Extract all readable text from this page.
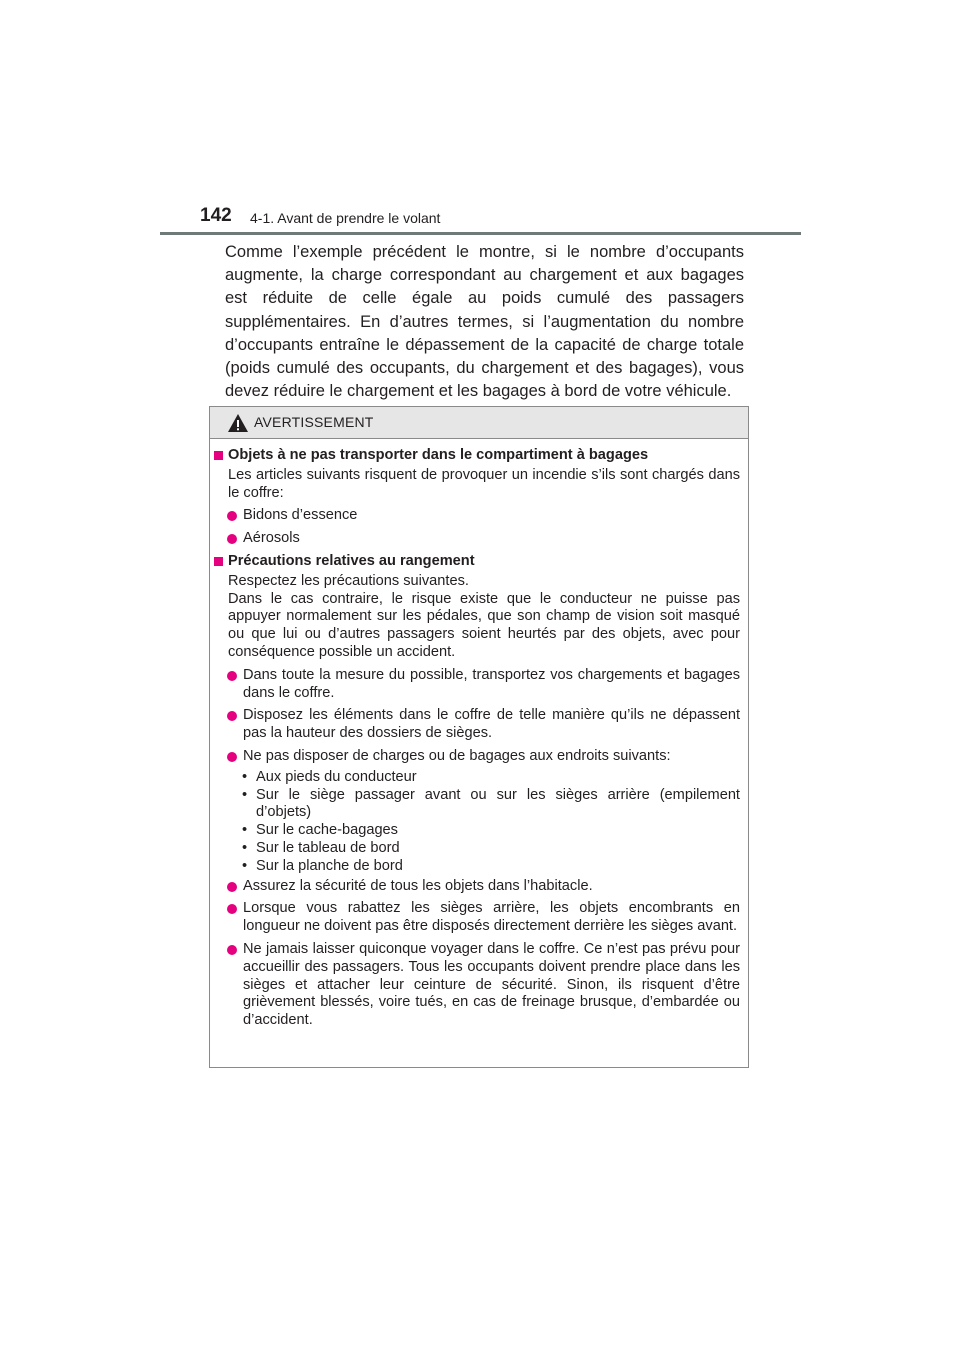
142 4-1. Avant de prendre le volant

Comme l’exemple précédent le montre, si le nombre d’occupants augmente, la charge correspondant au chargement et aux bagages est réduite de celle égale au poids cumulé des passagers supplémentaires. En d’autres termes, si l’augmentation du nombre d’occupants entraîne le dépassement de la capacité de charge totale (poids cumulé des occupants, du chargement et des bagages), vous devez réduire le chargement et les bagages à bord de votre véhicule.

AVERTISSEMENT
Objets à ne pas transporter dans le compartiment à bagages
Les articles suivants risquent de provoquer un incendie s’ils sont chargés dans le coffre:
Bidons d’essence
Aérosols
Précautions relatives au rangement
Respectez les précautions suivantes.
Dans le cas contraire, le risque existe que le conducteur ne puisse pas appuyer normalement sur les pédales, que son champ de vision soit masqué ou que lui ou d’autres passagers soient heurtés par des objets, avec pour conséquence possible un accident.
Dans toute la mesure du possible, transportez vos chargements et bagages dans le coffre.
Disposez les éléments dans le coffre de telle manière qu’ils ne dépassent pas la hauteur des dossiers de sièges.
Ne pas disposer de charges ou de bagages aux endroits suivants:
• Aux pieds du conducteur
• Sur le siège passager avant ou sur les sièges arrière (empilement d’objets)
• Sur le cache-bagages
• Sur le tableau de bord
• Sur la planche de bord
Assurez la sécurité de tous les objets dans l’habitacle.
Lorsque vous rabattez les sièges arrière, les objets encombrants en longueur ne doivent pas être disposés directement derrière les sièges avant.
Ne jamais laisser quiconque voyager dans le coffre. Ce n’est pas prévu pour accueillir des passagers. Tous les occupants doivent prendre place dans les sièges et attacher leur ceinture de sécurité. Sinon, ils risquent d’être grièvement blessés, voire tués, en cas de freinage brusque, d’embardée ou d’accident.
